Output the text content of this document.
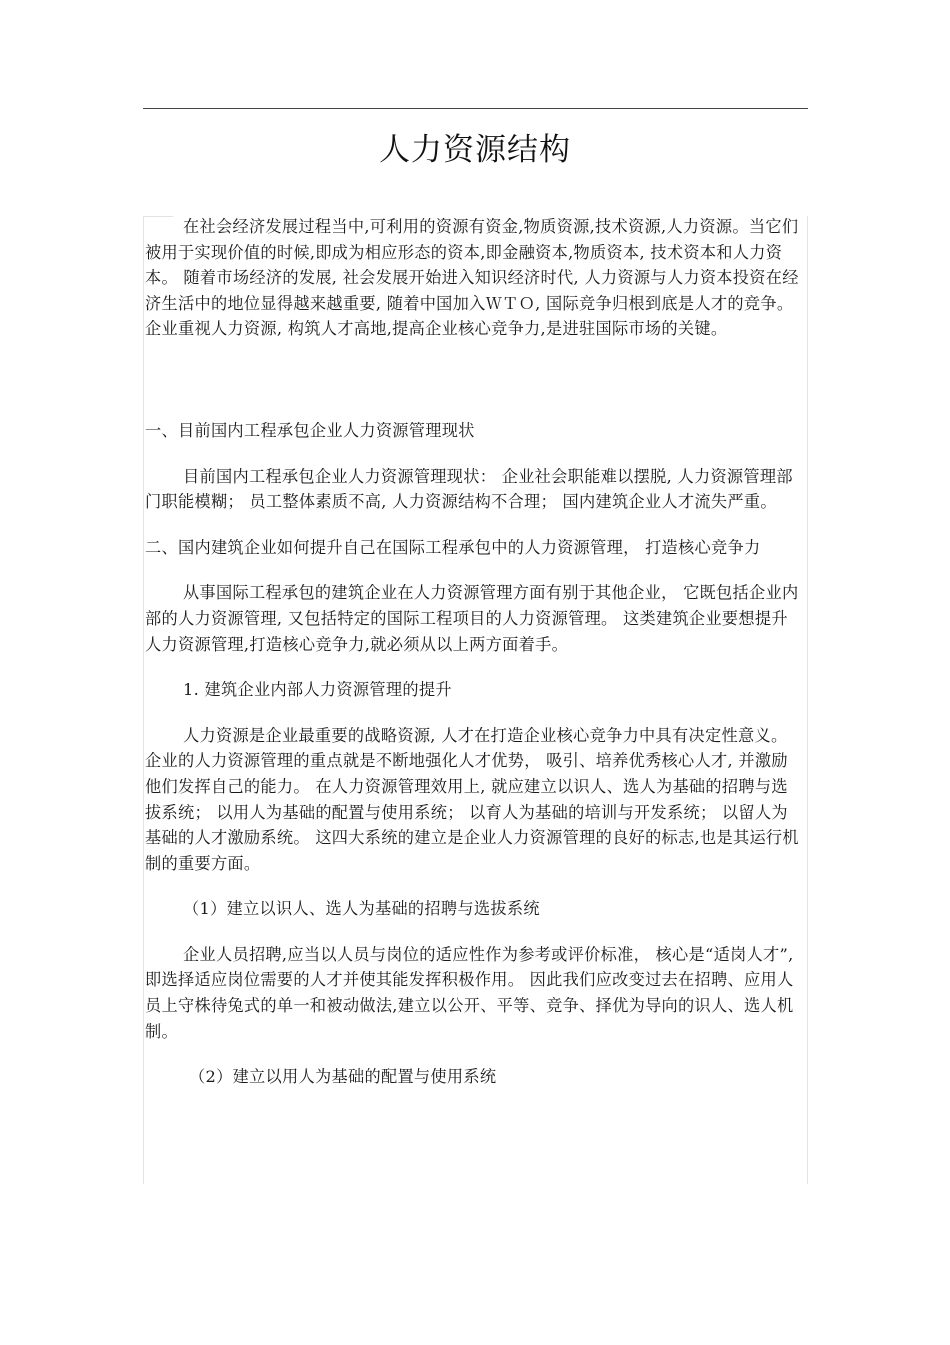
人力资源结构

在社会经济发展过程当中,可利用的资源有资金,物质资源,技术资源,人力资源。当它们被用于实现价值的时候,即成为相应形态的资本,即金融资本,物质资本, 技术资本和人力资本。 随着市场经济的发展, 社会发展开始进入知识经济时代, 人力资源与人力资本投资在经济生活中的地位显得越来越重要, 随着中国加入ＷＴＯ, 国际竞争归根到底是人才的竞争。 企业重视人力资源, 构筑人才高地,提高企业核心竞争力,是进驻国际市场的关键。

一、目前国内工程承包企业人力资源管理现状

目前国内工程承包企业人力资源管理现状： 企业社会职能难以摆脱, 人力资源管理部门职能模糊； 员工整体素质不高, 人力资源结构不合理； 国内建筑企业人才流失严重。

二、国内建筑企业如何提升自己在国际工程承包中的人力资源管理， 打造核心竞争力

从事国际工程承包的建筑企业在人力资源管理方面有别于其他企业， 它既包括企业内部的人力资源管理, 又包括特定的国际工程项目的人力资源管理。 这类建筑企业要想提升人力资源管理,打造核心竞争力,就必须从以上两方面着手。

1. 建筑企业内部人力资源管理的提升

人力资源是企业最重要的战略资源, 人才在打造企业核心竞争力中具有决定性意义。企业的人力资源管理的重点就是不断地强化人才优势， 吸引、培养优秀核心人才, 并激励他们发挥自己的能力。 在人力资源管理效用上, 就应建立以识人、选人为基础的招聘与选拔系统； 以用人为基础的配置与使用系统； 以育人为基础的培训与开发系统； 以留人为基础的人才激励系统。 这四大系统的建立是企业人力资源管理的良好的标志,也是其运行机制的重要方面。

（1）建立以识人、选人为基础的招聘与选拔系统

企业人员招聘,应当以人员与岗位的适应性作为参考或评价标准， 核心是“适岗人才”,即选择适应岗位需要的人才并使其能发挥积极作用。 因此我们应改变过去在招聘、应用人员上守株待兔式的单一和被动做法,建立以公开、平等、竞争、择优为导向的识人、选人机制。

（2）建立以用人为基础的配置与使用系统
